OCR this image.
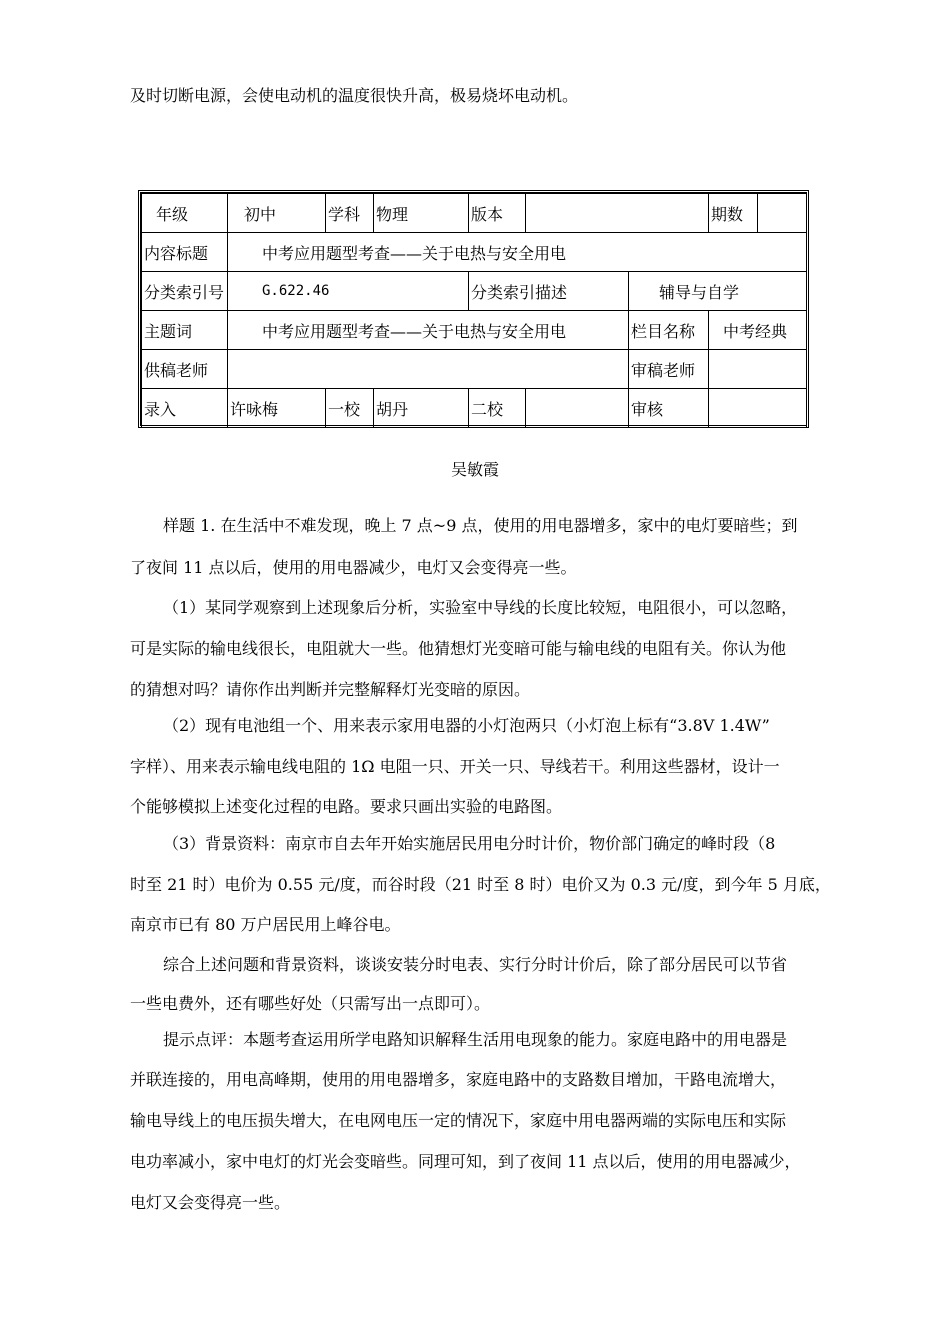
及时切断电源，会使电动机的温度很快升高，极易烧坏电动机。
年级	初中	学科	物理	版本			期数	
内容标题	中考应用题型考查——关于电热与安全用电							
分类索引号	G.622.46			分类索引描述		辅导与自学		
主题词	中考应用题型考查——关于电热与安全用电					栏目名称	中考经典	
供稿老师						审稿老师		
录入	许咏梅	一校	胡丹	二校		审核		
吴敏霞
样题 1. 在生活中不难发现，晚上 7 点~9 点，使用的用电器增多，家中的电灯要暗些；到
了夜间 11 点以后，使用的用电器减少，电灯又会变得亮一些。
（1）某同学观察到上述现象后分析，实验室中导线的长度比较短，电阻很小，可以忽略，
可是实际的输电线很长，电阻就大一些。他猜想灯光变暗可能与输电线的电阻有关。你认为他
的猜想对吗？请你作出判断并完整解释灯光变暗的原因。
（2）现有电池组一个、用来表示家用电器的小灯泡两只（小灯泡上标有“3.8V 1.4W”
字样）、用来表示输电线电阻的 1Ω 电阻一只、开关一只、导线若干。利用这些器材，设计一
个能够模拟上述变化过程的电路。要求只画出实验的电路图。
（3）背景资料：南京市自去年开始实施居民用电分时计价，物价部门确定的峰时段（8
时至 21 时）电价为 0.55 元/度，而谷时段（21 时至 8 时）电价又为 0.3 元/度，到今年 5 月底，
南京市已有 80 万户居民用上峰谷电。
综合上述问题和背景资料，谈谈安装分时电表、实行分时计价后，除了部分居民可以节省
一些电费外，还有哪些好处（只需写出一点即可）。
提示点评：本题考查运用所学电路知识解释生活用电现象的能力。家庭电路中的用电器是
并联连接的，用电高峰期，使用的用电器增多，家庭电路中的支路数目增加，干路电流增大，
输电导线上的电压损失增大，在电网电压一定的情况下，家庭中用电器两端的实际电压和实际
电功率减小，家中电灯的灯光会变暗些。同理可知，到了夜间 11 点以后，使用的用电器减少，
电灯又会变得亮一些。
